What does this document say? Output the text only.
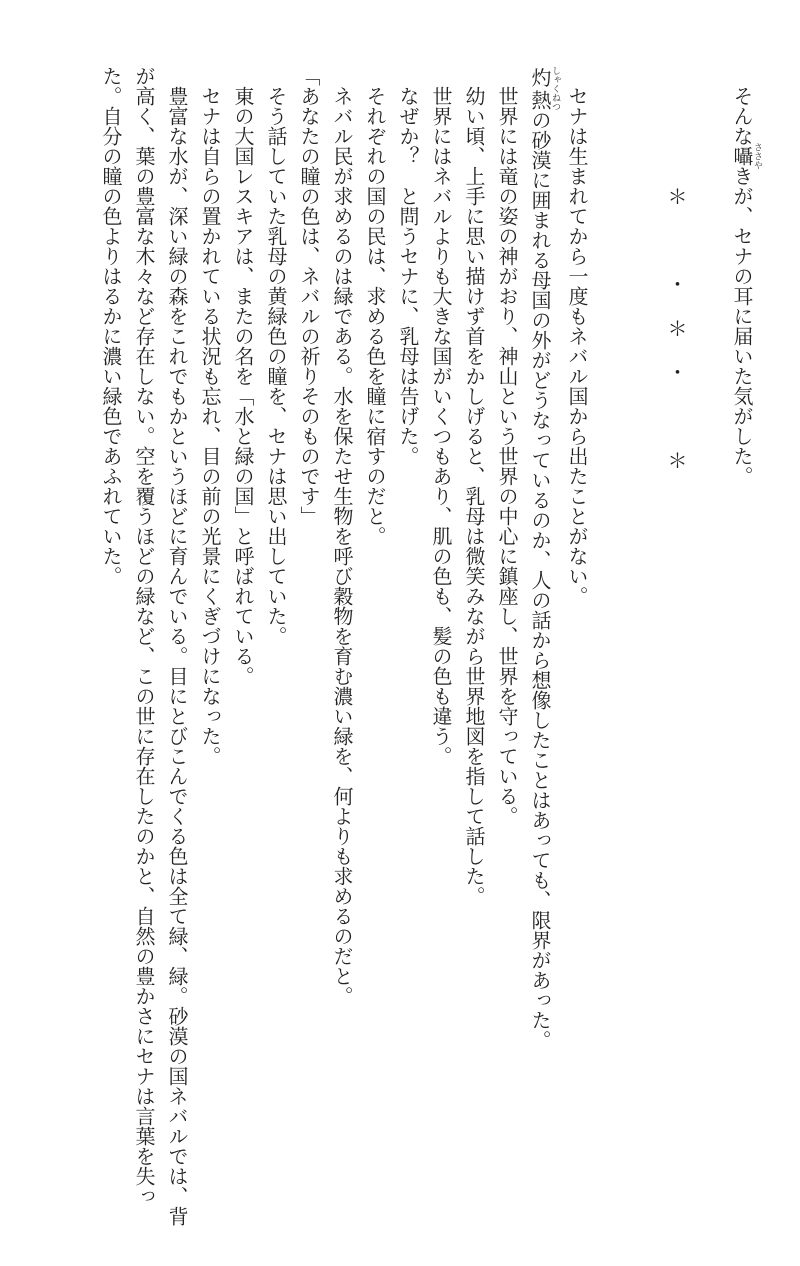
そんな囁ささやきが、セナの耳に届いた気がした。

＊　・＊・　＊

セナは生まれてから一度もネバル国から出たことがない。

灼熱しゃくねつの砂漠に囲まれる母国の外がどうなっているのか、人の話から想像したことはあっても、限界があった。

世界には竜の姿の神がおり、神山という世界の中心に鎮座し、世界を守っている。

幼い頃、上手に思い描けず首をかしげると、乳母は微笑みながら世界地図を指して話した。

世界にはネバルよりも大きな国がいくつもあり、肌の色も、髪の色も違う。

なぜか？　と問うセナに、乳母は告げた。

それぞれの国の民は、求める色を瞳に宿すのだと。

ネバル民が求めるのは緑である。水を保たせ生物を呼び穀物を育む濃い緑を、何よりも求めるのだと。

「あなたの瞳の色は、ネバルの祈りそのものです」

そう話していた乳母の黄緑色の瞳を、セナは思い出していた。

東の大国レスキアは、またの名を「水と緑の国」と呼ばれている。

セナは自らの置かれている状況も忘れ、目の前の光景にくぎづけになった。

豊富な水が、深い緑の森をこれでもかというほどに育んでいる。目にとびこんでくる色は全て緑、緑。砂漠の国ネバルでは、背が高く、葉の豊富な木々など存在しない。空を覆うほどの緑など、この世に存在したのかと、自然の豊かさにセナは言葉を失った。自分の瞳の色よりはるかに濃い緑色であふれていた。
